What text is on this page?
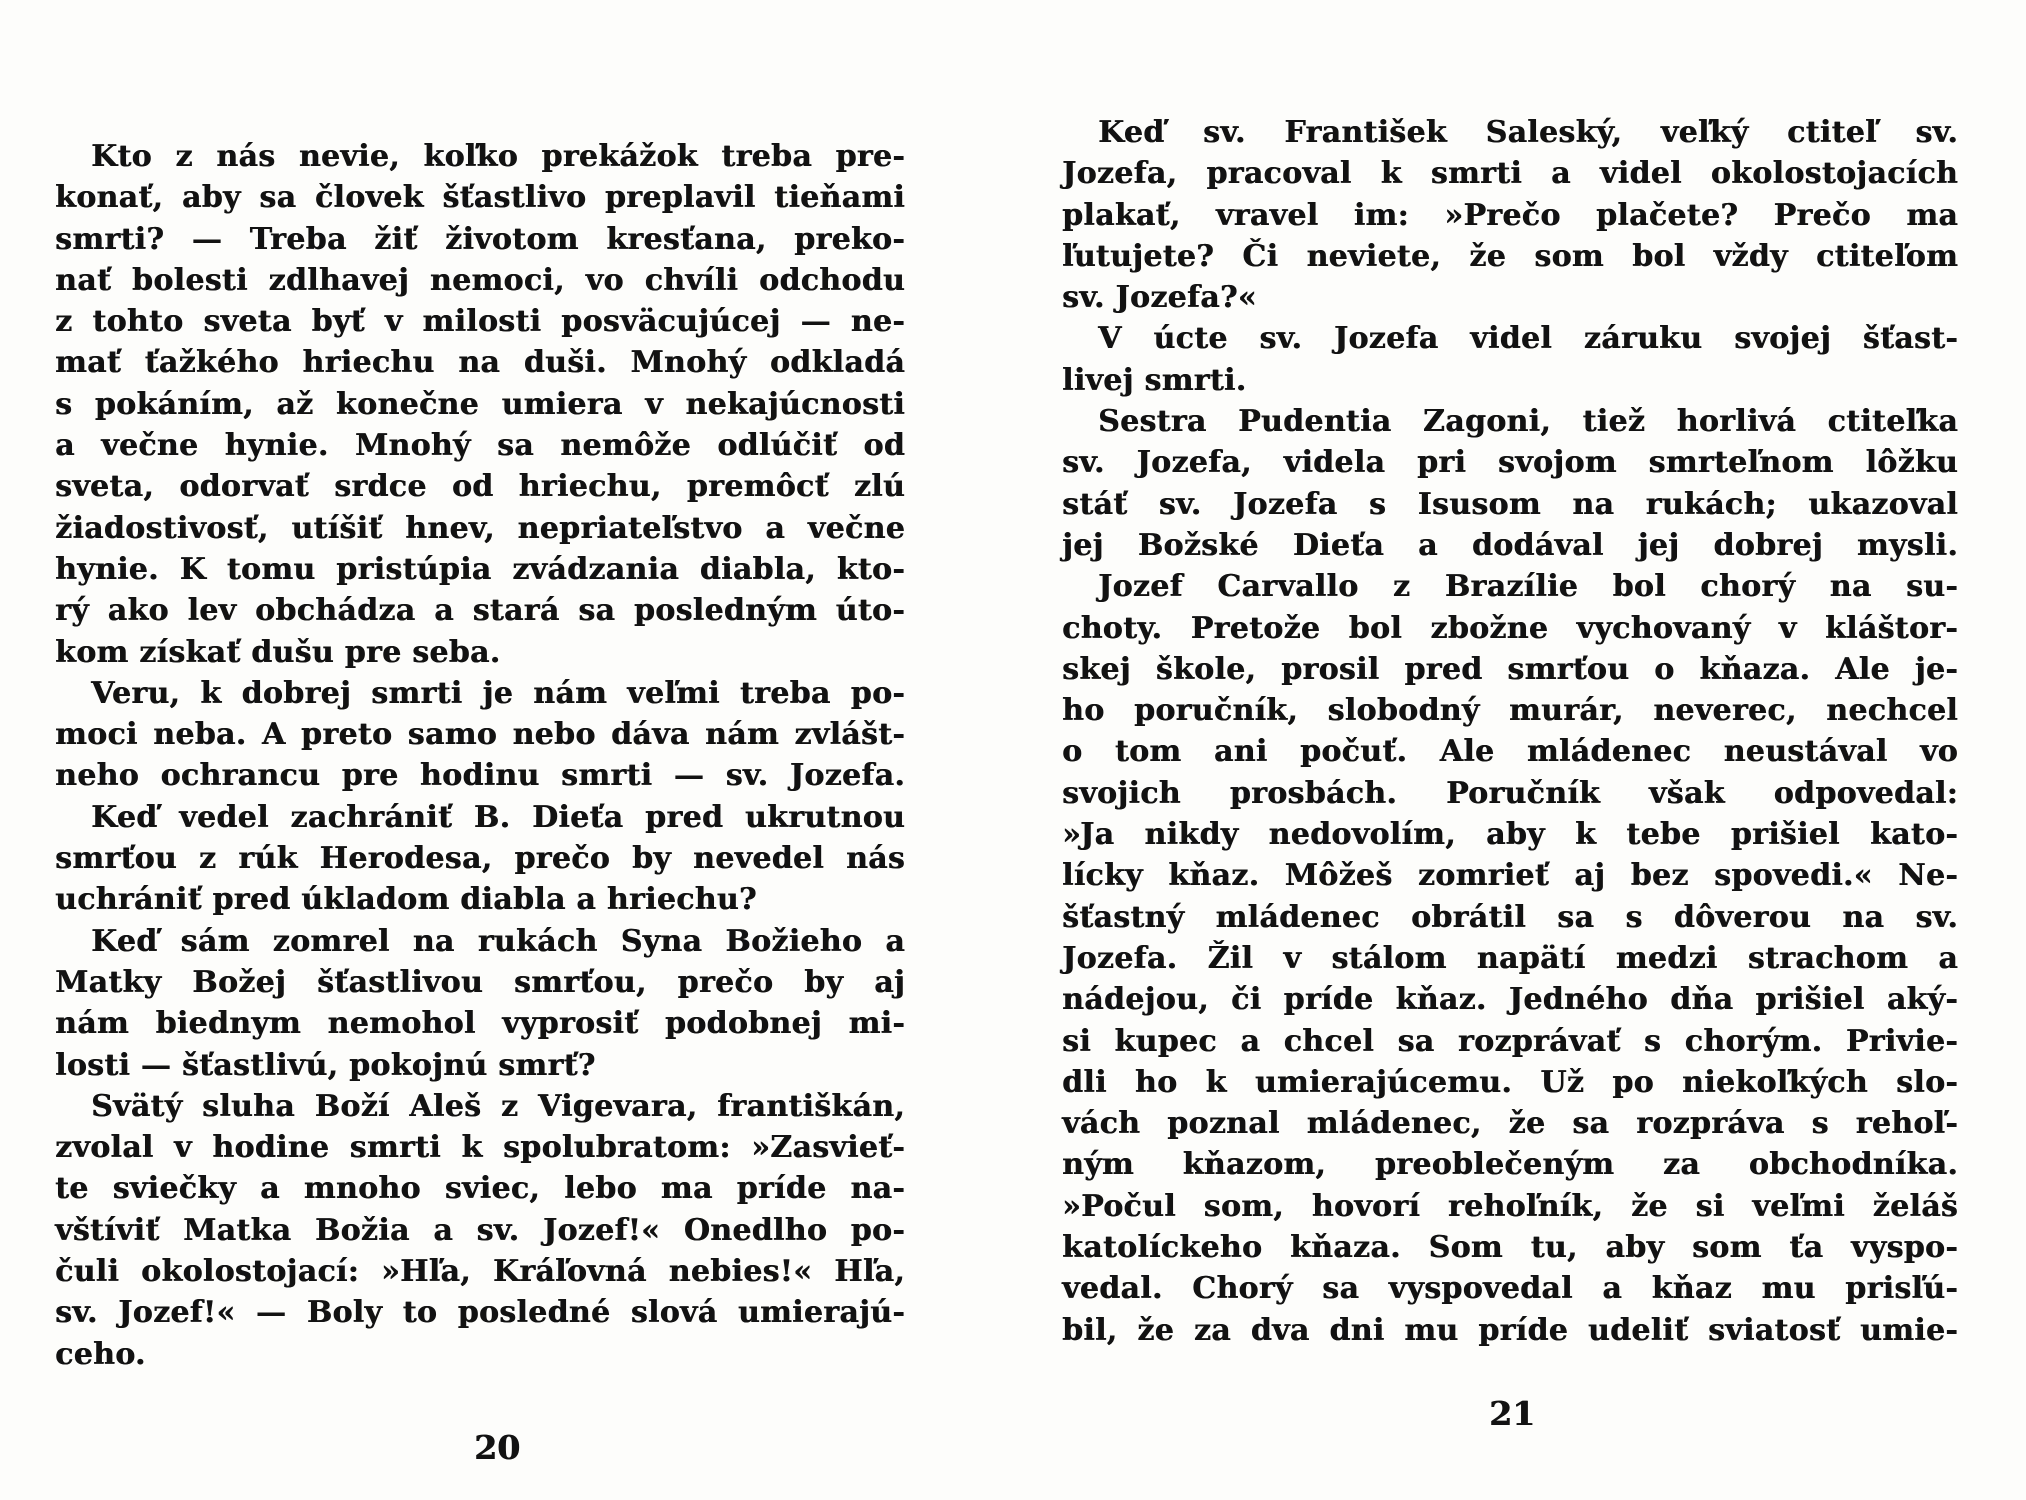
Kto z nás nevie, koľko prekážok treba pre-
konať, aby sa človek šťastlivo preplavil tieňami
smrti? — Treba žiť životom kresťana, preko-
nať bolesti zdlhavej nemoci, vo chvíli odchodu
z tohto sveta byť v milosti posväcujúcej — ne-
mať ťažkého hriechu na duši. Mnohý odkladá
s pokáním, až konečne umiera v nekajúcnosti
a večne hynie. Mnohý sa nemôže odlúčiť od
sveta, odorvať srdce od hriechu, premôcť zlú
žiadostivosť, utíšiť hnev, nepriateľstvo a večne
hynie. K tomu pristúpia zvádzania diabla, kto-
rý ako lev obchádza a stará sa posledným úto-
kom získať dušu pre seba.
Veru, k dobrej smrti je nám veľmi treba po-
moci neba. A preto samo nebo dáva nám zvlášt-
neho ochrancu pre hodinu smrti — sv. Jozefa.
Keď vedel zachrániť B. Dieťa pred ukrutnou
smrťou z rúk Herodesa, prečo by nevedel nás
uchrániť pred úkladom diabla a hriechu?
Keď sám zomrel na rukách Syna Božieho a
Matky Božej šťastlivou smrťou, prečo by aj
nám biednym nemohol vyprosiť podobnej mi-
losti — šťastlivú, pokojnú smrť?
Svätý sluha Boží Aleš z Vigevara, františkán,
zvolal v hodine smrti k spolubratom: »Zasvieť-
te sviečky a mnoho sviec, lebo ma príde na-
vštíviť Matka Božia a sv. Jozef!« Onedlho po-
čuli okolostojací: »Hľa, Kráľovná nebies!« Hľa,
sv. Jozef!« — Boly to posledné slová umierajú-
ceho.
Keď sv. František Saleský, veľký ctiteľ sv.
Jozefa, pracoval k smrti a videl okolostojacích
plakať, vravel im: »Prečo plačete? Prečo ma
ľutujete? Či neviete, že som bol vždy ctiteľom
sv. Jozefa?«
V úcte sv. Jozefa videl záruku svojej šťast-
livej smrti.
Sestra Pudentia Zagoni, tiež horlivá ctiteľka
sv. Jozefa, videla pri svojom smrteľnom lôžku
stáť sv. Jozefa s Isusom na rukách; ukazoval
jej Božské Dieťa a dodával jej dobrej mysli.
Jozef Carvallo z Brazílie bol chorý na su-
choty. Pretože bol zbožne vychovaný v kláštor-
skej škole, prosil pred smrťou o kňaza. Ale je-
ho poručník, slobodný murár, neverec, nechcel
o tom ani počuť. Ale mládenec neustával vo
svojich prosbách. Poručník však odpovedal:
»Ja nikdy nedovolím, aby k tebe prišiel kato-
lícky kňaz. Môžeš zomrieť aj bez spovedi.« Ne-
šťastný mládenec obrátil sa s dôverou na sv.
Jozefa. Žil v stálom napätí medzi strachom a
nádejou, či príde kňaz. Jedného dňa prišiel aký-
si kupec a chcel sa rozprávať s chorým. Privie-
dli ho k umierajúcemu. Už po niekoľkých slo-
vách poznal mládenec, že sa rozpráva s rehoľ-
ným kňazom, preoblečeným za obchodníka.
»Počul som, hovorí rehoľník, že si veľmi želáš
katolíckeho kňaza. Som tu, aby som ťa vyspo-
vedal. Chorý sa vyspovedal a kňaz mu prisľú-
bil, že za dva dni mu príde udeliť sviatosť umie-
20
21
